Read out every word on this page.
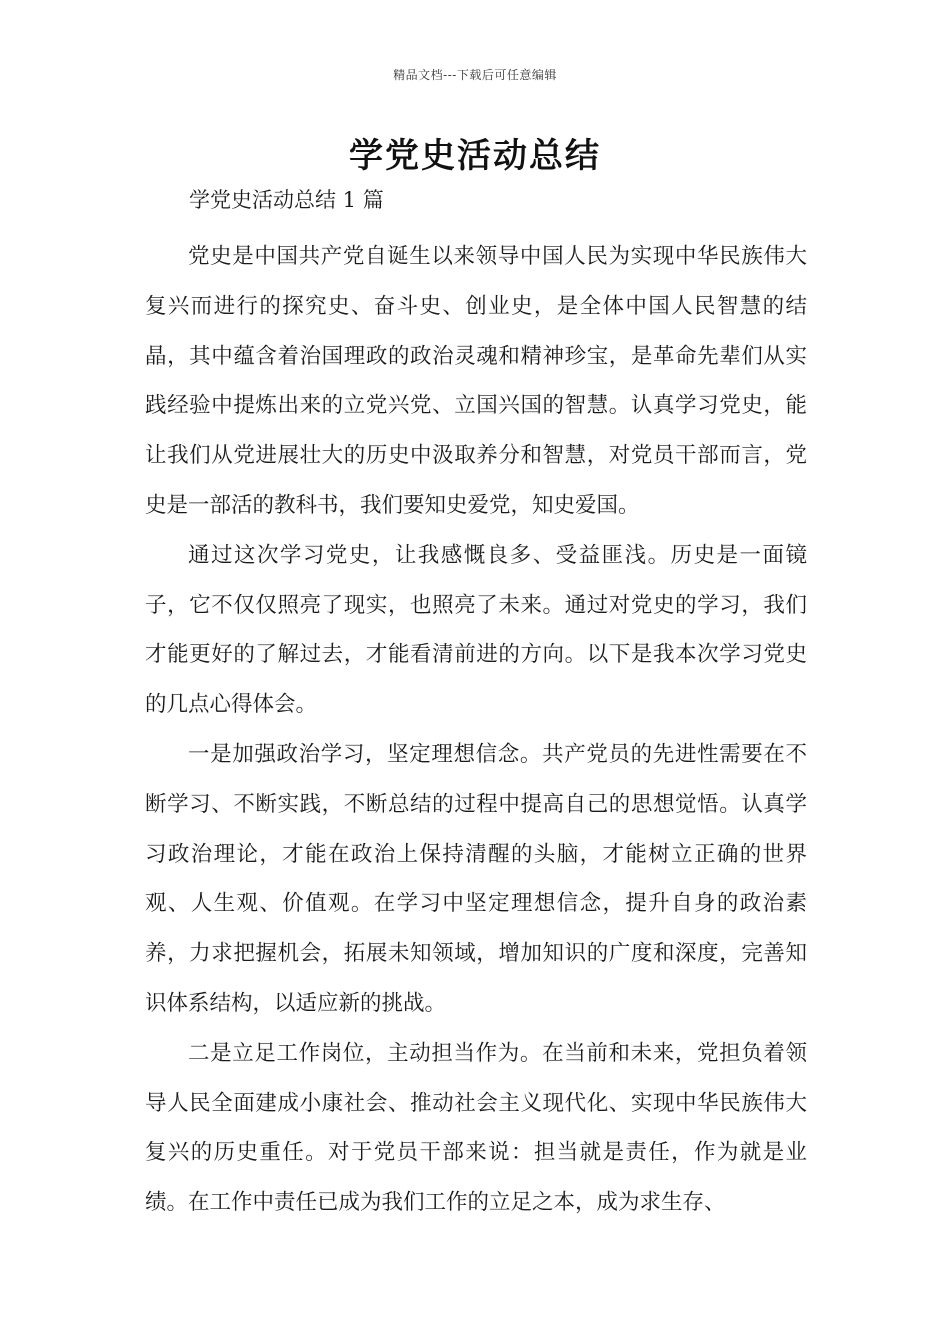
精品文档---下载后可任意编辑
学党史活动总结
学党史活动总结 1 篇

党史是中国共产党自诞生以来领导中国人民为实现中华民族伟大复兴而进行的探究史、奋斗史、创业史，是全体中国人民智慧的结晶，其中蕴含着治国理政的政治灵魂和精神珍宝，是革命先辈们从实践经验中提炼出来的立党兴党、立国兴国的智慧。认真学习党史，能让我们从党进展壮大的历史中汲取养分和智慧，对党员干部而言，党史是一部活的教科书，我们要知史爱党，知史爱国。

通过这次学习党史，让我感慨良多、受益匪浅。历史是一面镜子，它不仅仅照亮了现实，也照亮了未来。通过对党史的学习，我们才能更好的了解过去，才能看清前进的方向。以下是我本次学习党史的几点心得体会。

一是加强政治学习，坚定理想信念。共产党员的先进性需要在不断学习、不断实践，不断总结的过程中提高自己的思想觉悟。认真学习政治理论，才能在政治上保持清醒的头脑，才能树立正确的世界观、人生观、价值观。在学习中坚定理想信念，提升自身的政治素养，力求把握机会，拓展未知领域，增加知识的广度和深度，完善知识体系结构，以适应新的挑战。

二是立足工作岗位，主动担当作为。在当前和未来，党担负着领导人民全面建成小康社会、推动社会主义现代化、实现中华民族伟大复兴的历史重任。对于党员干部来说：担当就是责任，作为就是业绩。在工作中责任已成为我们工作的立足之本，成为求生存、
